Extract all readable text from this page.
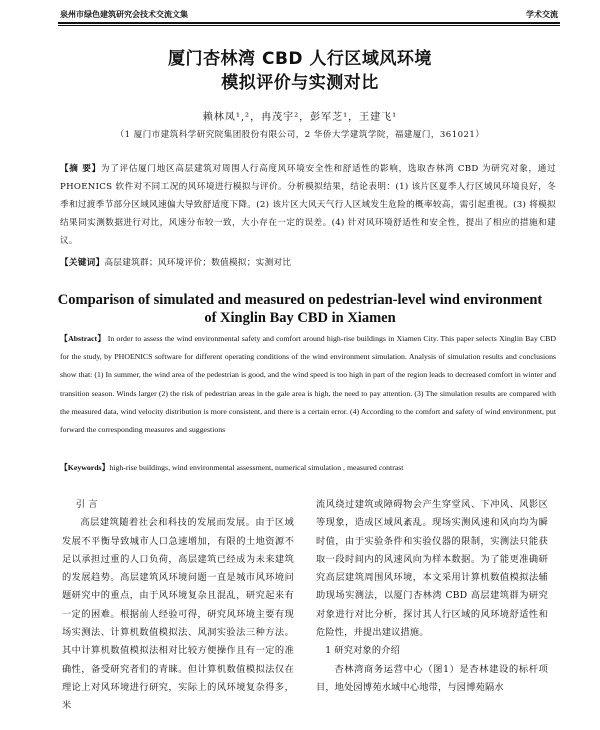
泉州市绿色建筑研究会技术交流文集	学术交流
厦门杏林湾 CBD 人行区域风环境
模拟评价与实测对比
赖林凤¹,²，冉茂宇²，彭军芝¹，王建飞¹
（1 厦门市建筑科学研究院集团股份有限公司，2 华侨大学建筑学院，福建厦门，361021）
【摘 要】为了评估厦门地区高层建筑对周围人行高度风环境安全性和舒适性的影响，选取杏林湾 CBD 为研究对象，通过 PHOENICS 软件对不同工况的风环境进行模拟与评价。分析模拟结果，结论表明：(1) 该片区夏季人行区域风环境良好，冬季和过渡季节部分区域风速偏大导致舒适度下降。(2) 该片区大风天气行人区域发生危险的概率较高，需引起重视。(3) 将模拟结果同实测数据进行对比，风速分布较一致，大小存在一定的误差。(4) 针对风环境舒适性和安全性，提出了相应的措施和建议。
【关键词】高层建筑群；风环境评价；数值模拟；实测对比
Comparison of simulated and measured on pedestrian-level wind environment
of Xinglin Bay CBD in Xiamen
【Abstract】 In order to assess the wind environmental safety and comfort around high-rise buildings in Xiamen City. This paper selects Xinglin Bay CBD for the study, by PHOENICS software for different operating conditions of the wind environment simulation. Analysis of simulation results and conclusions show that: (1) In summer, the wind area of the pedestrian is good, and the wind speed is too high in part of the region leads to decreased comfort in winter and transition season. Winds larger (2) the risk of pedestrian areas in the gale area is high, the need to pay attention. (3) The simulation results are compared with the measured data, wind velocity distribution is more consistent, and there is a certain error. (4) According to the comfort and safety of wind environment, put forward the corresponding measures and suggestions
【Keywords】high-rise buildings, wind environmental assessment, numerical simulation , measured contrast

引 言

高层建筑随着社会和科技的发展而发展。由于区域发展不平衡导致城市人口急速增加，有限的土地资源不足以承担过重的人口负荷，高层建筑已经成为未来建筑的发展趋势。高层建筑风环境问题一直是城市风环境问题研究中的重点，由于风环境复杂且混乱，研究起来有一定的困难。根据前人经验可得，研究风环境主要有现场实测法、计算机数值模拟法、风洞实验法三种方法。其中计算机数值模拟法相对比较方便操作且有一定的准确性，备受研究者们的青睐。但计算机数值模拟法仅在理论上对风环境进行研究，实际上的风环境复杂得多，米

流风绕过建筑或障碍物会产生穿堂风、下冲风、风影区等现象，造成区域风紊乱。现场实测风速和风向均为瞬时值，由于实验条件和实验仪器的限制，实测法只能获取一段时间内的风速风向为样本数据。为了能更准确研究高层建筑周围风环境，本文采用计算机数值模拟法辅助现场实测法，以厦门杏林湾 CBD 高层建筑群为研究对象进行对比分析，探讨其人行区域的风环境舒适性和危险性，并提出建议措施。

1 研究对象的介绍

杏林湾商务运营中心（图1）是杏林建设的标杆项目，地处园博苑水域中心地带，与园博苑隔水
